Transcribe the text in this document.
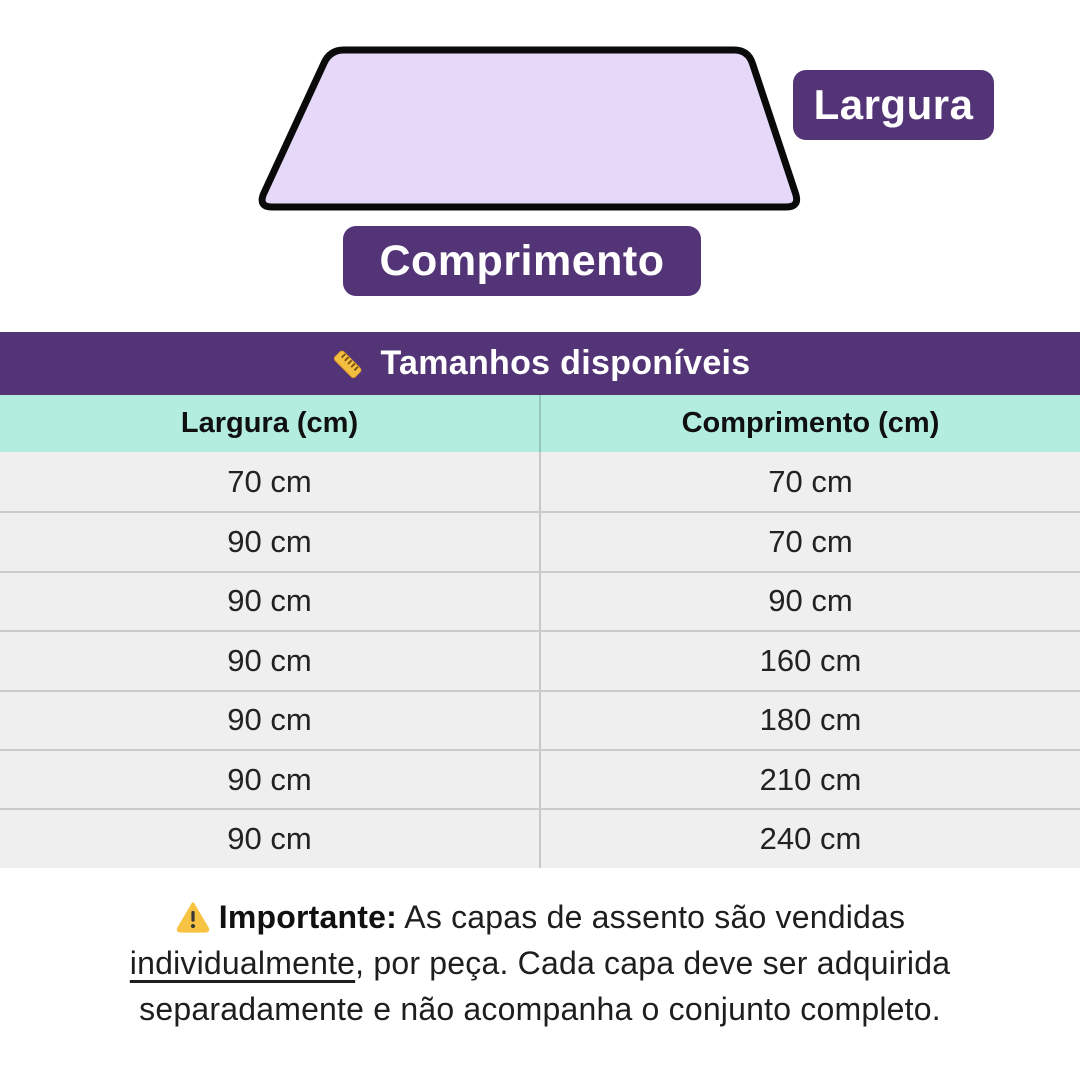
Largura
Comprimento
Tamanhos disponíveis
Largura (cm)	Comprimento (cm)
70 cm	70 cm
90 cm	70 cm
90 cm	90 cm
90 cm	160 cm
90 cm	180 cm
90 cm	210 cm
90 cm	240 cm
Importante: As capas de assento são vendidas individualmente, por peça. Cada capa deve ser adquirida separadamente e não acompanha o conjunto completo.
